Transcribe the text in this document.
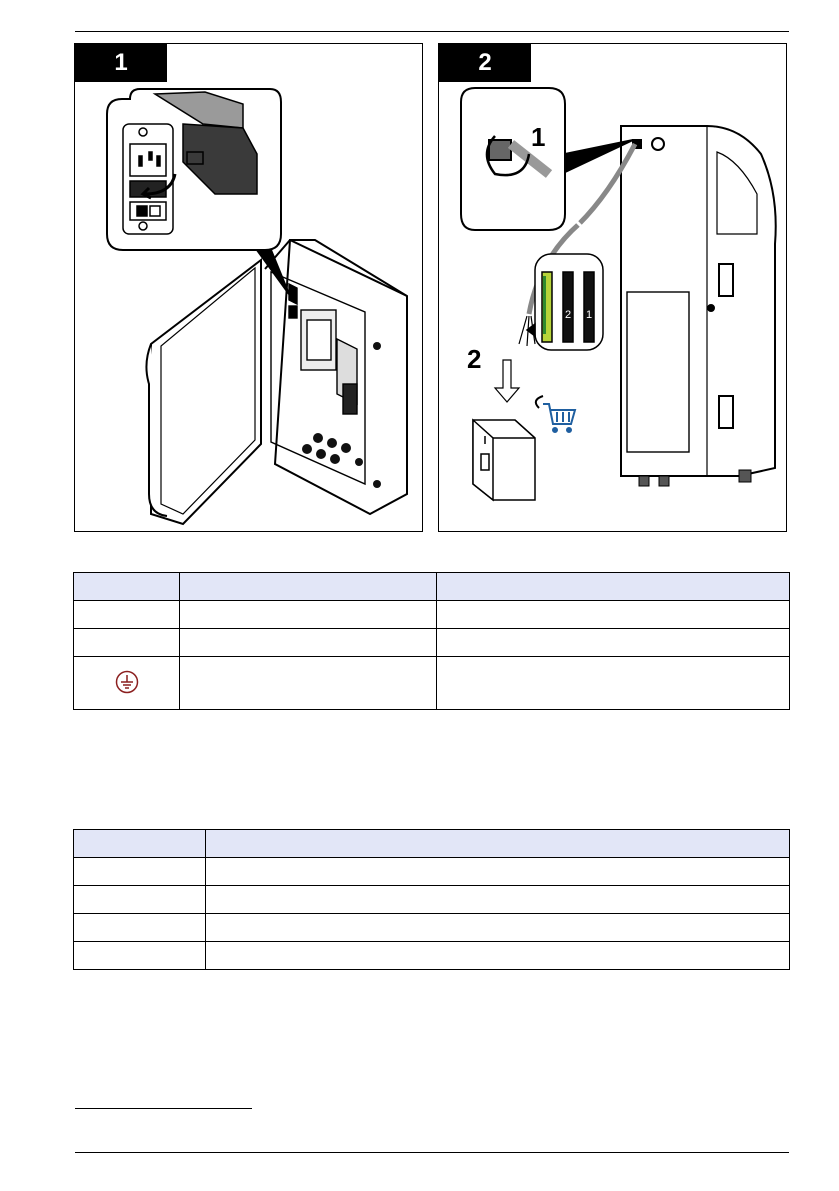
1	2
2 1
1
2
